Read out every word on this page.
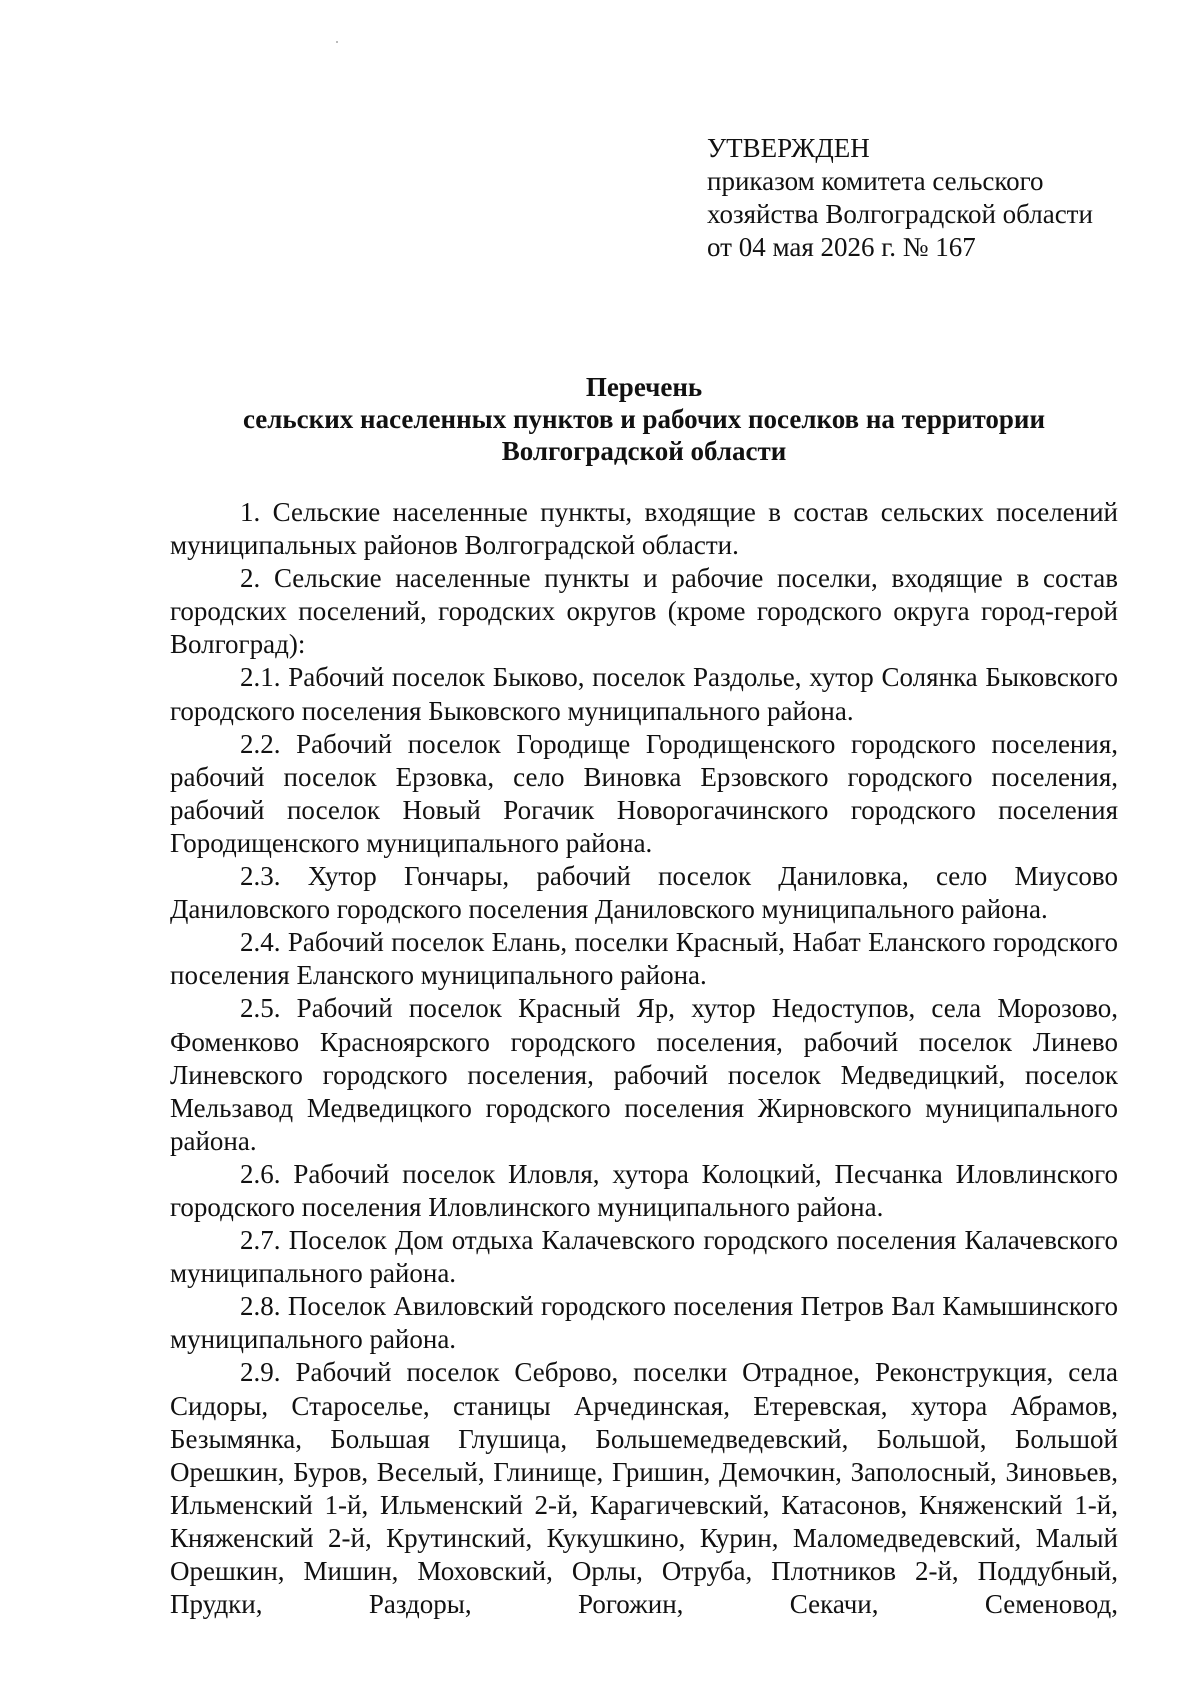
УТВЕРЖДЕН
приказом комитета сельского
хозяйства Волгоградской области
от 04 мая 2026 г. № 167
Перечень
сельских населенных пунктов и рабочих поселков на территории
Волгоградской области

1. Сельские населенные пункты, входящие в состав сельских поселений муниципальных районов Волгоградской области.

2. Сельские населенные пункты и рабочие поселки, входящие в состав городских поселений, городских округов (кроме городского округа город-герой Волгоград):

2.1. Рабочий поселок Быково, поселок Раздолье, хутор Солянка Быковского городского поселения Быковского муниципального района.

2.2. Рабочий поселок Городище Городищенского городского поселения, рабочий поселок Ерзовка, село Виновка Ерзовского городского поселения, рабочий поселок Новый Рогачик Новорогачинского городского поселения Городищенского муниципального района.

2.3. Хутор Гончары, рабочий поселок Даниловка, село Миусово Даниловского городского поселения Даниловского муниципального района.

2.4. Рабочий поселок Елань, поселки Красный, Набат Еланского городского поселения Еланского муниципального района.

2.5. Рабочий поселок Красный Яр, хутор Недоступов, села Морозово, Фоменково Красноярского городского поселения, рабочий поселок Линево Линевского городского поселения, рабочий поселок Медведицкий, поселок Мельзавод Медведицкого городского поселения Жирновского муниципального района.

2.6. Рабочий поселок Иловля, хутора Колоцкий, Песчанка Иловлинского городского поселения Иловлинского муниципального района.

2.7. Поселок Дом отдыха Калачевского городского поселения Калачевского муниципального района.

2.8. Поселок Авиловский городского поселения Петров Вал Камышинского муниципального района.

2.9. Рабочий поселок Себрово, поселки Отрадное, Реконструкция, села Сидоры, Староселье, станицы Арчединская, Етеревская, хутора Абрамов, Безымянка, Большая Глушица, Большемедведевский, Большой, Большой Орешкин, Буров, Веселый, Глинище, Гришин, Демочкин, Заполосный, Зиновьев, Ильменский 1-й, Ильменский 2-й, Карагичевский, Катасонов, Княженский 1-й, Княженский 2-й, Крутинский, Кукушкино, Курин, Маломедведевский, Малый Орешкин, Мишин, Моховский, Орлы, Отруба, Плотников 2-й, Поддубный, Прудки, Раздоры, Рогожин, Секачи, Семеновод,
